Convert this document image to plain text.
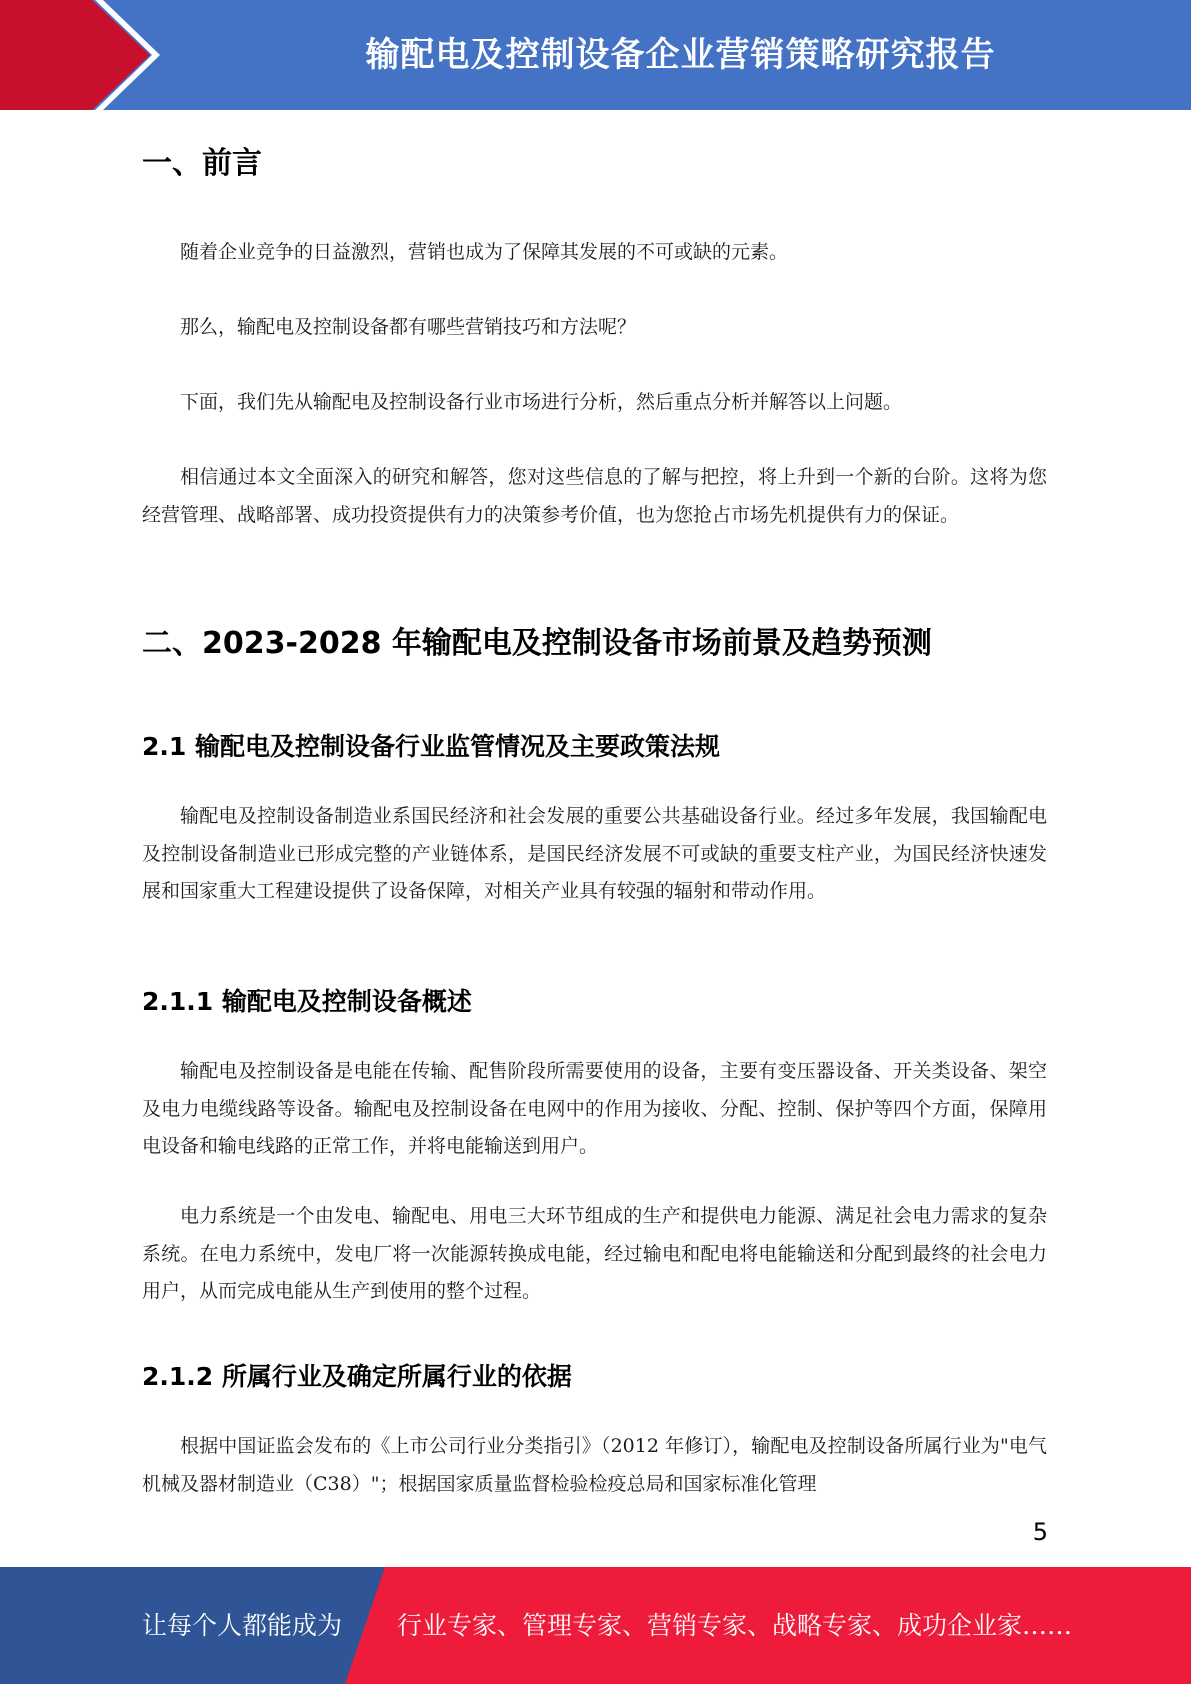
输配电及控制设备企业营销策略研究报告
一、前言

随着企业竞争的日益激烈，营销也成为了保障其发展的不可或缺的元素。

那么，输配电及控制设备都有哪些营销技巧和方法呢？

下面，我们先从输配电及控制设备行业市场进行分析，然后重点分析并解答以上问题。

相信通过本文全面深入的研究和解答，您对这些信息的了解与把控，将上升到一个新的台阶。这将为您经营管理、战略部署、成功投资提供有力的决策参考价值，也为您抢占市场先机提供有力的保证。

二、2023-2028 年输配电及控制设备市场前景及趋势预测
2.1 输配电及控制设备行业监管情况及主要政策法规

输配电及控制设备制造业系国民经济和社会发展的重要公共基础设备行业。经过多年发展，我国输配电及控制设备制造业已形成完整的产业链体系，是国民经济发展不可或缺的重要支柱产业，为国民经济快速发展和国家重大工程建设提供了设备保障，对相关产业具有较强的辐射和带动作用。

2.1.1 输配电及控制设备概述

输配电及控制设备是电能在传输、配售阶段所需要使用的设备，主要有变压器设备、开关类设备、架空及电力电缆线路等设备。输配电及控制设备在电网中的作用为接收、分配、控制、保护等四个方面，保障用电设备和输电线路的正常工作，并将电能输送到用户。

电力系统是一个由发电、输配电、用电三大环节组成的生产和提供电力能源、满足社会电力需求的复杂系统。在电力系统中，发电厂将一次能源转换成电能，经过输电和配电将电能输送和分配到最终的社会电力用户，从而完成电能从生产到使用的整个过程。

2.1.2 所属行业及确定所属行业的依据

根据中国证监会发布的《上市公司行业分类指引》（2012 年修订），输配电及控制设备所属行业为"电气机械及器材制造业（C38）"；根据国家质量监督检验检疫总局和国家标准化管理

5
让每个人都能成为 行业专家、管理专家、营销专家、战略专家、成功企业家……
